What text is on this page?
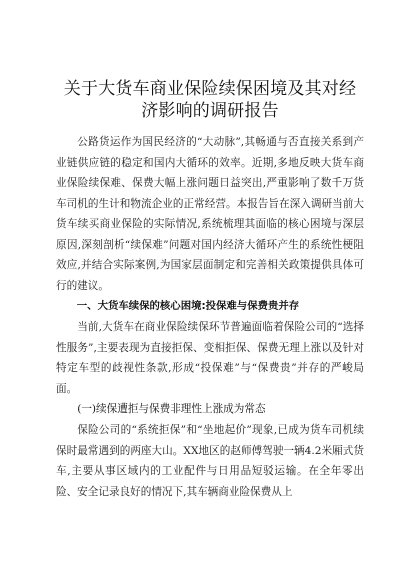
关于大货车商业保险续保困境及其对经济影响的调研报告

公路货运作为国民经济的“大动脉”,其畅通与否直接关系到产业链供应链的稳定和国内大循环的效率。近期,多地反映大货车商业保险续保难、保费大幅上涨问题日益突出,严重影响了数千万货车司机的生计和物流企业的正常经营。本报告旨在深入调研当前大货车续买商业保险的实际情况,系统梳理其面临的核心困境与深层原因,深刻剖析“续保难”问题对国内经济大循环产生的系统性梗阻效应,并结合实际案例,为国家层面制定和完善相关政策提供具体可行的建议。

一、大货车续保的核心困境:投保难与保费贵并存

当前,大货车在商业保险续保环节普遍面临着保险公司的“选择性服务”,主要表现为直接拒保、变相拒保、保费无理上涨以及针对特定车型的歧视性条款,形成“投保难”与“保费贵”并存的严峻局面。

(一)续保遭拒与保费非理性上涨成为常态

保险公司的“系统拒保”和“坐地起价”现象,已成为货车司机续保时最常遇到的两座大山。XX地区的赵师傅驾驶一辆4.2米厢式货车,主要从事区域内的工业配件与日用品短驳运输。在全年零出险、安全记录良好的情况下,其车辆商业险保费从上
